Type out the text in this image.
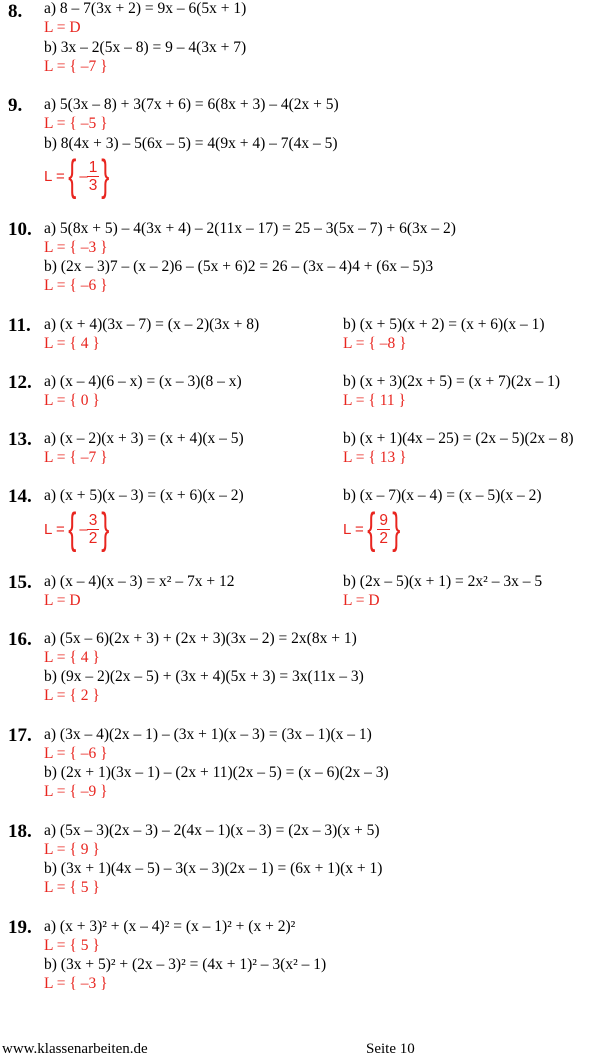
8. a) 8 – 7(3x + 2) = 9x – 6(5x + 1)
L = D
b) 3x – 2(5x – 8) = 9 – 4(3x + 7)
L = { –7 }
9. a) 5(3x – 8) + 3(7x + 6) = 6(8x + 3) – 4(2x + 5)
L = { –5 }
b) 8(4x + 3) – 5(6x – 5) = 4(9x + 4) – 7(4x – 5)
L = { – $\frac{1}{3}$ }
10. a) 5(8x + 5) – 4(3x + 4) – 2(11x – 17) = 25 – 3(5x – 7) + 6(3x – 2)
L = { –3 }
b) (2x – 3)7 – (x – 2)6 – (5x + 6)2 = 26 – (3x – 4)4 + (6x – 5)3
L = { –6 }
11. a) (x + 4)(3x – 7) = (x – 2)(3x + 8)
L = { 4 }
b) (x + 5)(x + 2) = (x + 6)(x – 1)
L = { –8 }
12. a) (x – 4)(6 – x) = (x – 3)(8 – x)
L = { 0 }
b) (x + 3)(2x + 5) = (x + 7)(2x – 1)
L = { 11 }
13. a) (x – 2)(x + 3) = (x + 4)(x – 5)
L = { –7 }
b) (x + 1)(4x – 25) = (2x – 5)(2x – 8)
L = { 13 }
14. a) (x + 5)(x – 3) = (x + 6)(x – 2)
L = { – $\frac{3}{2}$ }
b) (x – 7)(x – 4) = (x – 5)(x – 2)
L = { $\frac{9}{2}$ }
15. a) (x – 4)(x – 3) = x² – 7x + 12
L = D
b) (2x – 5)(x + 1) = 2x² – 3x – 5
L = D
16. a) (5x – 6)(2x + 3) + (2x + 3)(3x – 2) = 2x(8x + 1)
L = { 4 }
b) (9x – 2)(2x – 5) + (3x + 4)(5x + 3) = 3x(11x – 3)
L = { 2 }
17. a) (3x – 4)(2x – 1) – (3x + 1)(x – 3) = (3x – 1)(x – 1)
L = { –6 }
b) (2x + 1)(3x – 1) – (2x + 11)(2x – 5) = (x – 6)(2x – 3)
L = { –9 }
18. a) (5x – 3)(2x – 3) – 2(4x – 1)(x – 3) = (2x – 3)(x + 5)
L = { 9 }
b) (3x + 1)(4x – 5) – 3(x – 3)(2x – 1) = (6x + 1)(x + 1)
L = { 5 }
19. a) (x + 3)² + (x – 4)² = (x – 1)² + (x + 2)²
L = { 5 }
b) (3x + 5)² + (2x – 3)² = (4x + 1)² – 3(x² – 1)
L = { –3 }
www.klassenarbeiten.de	Seite 10
